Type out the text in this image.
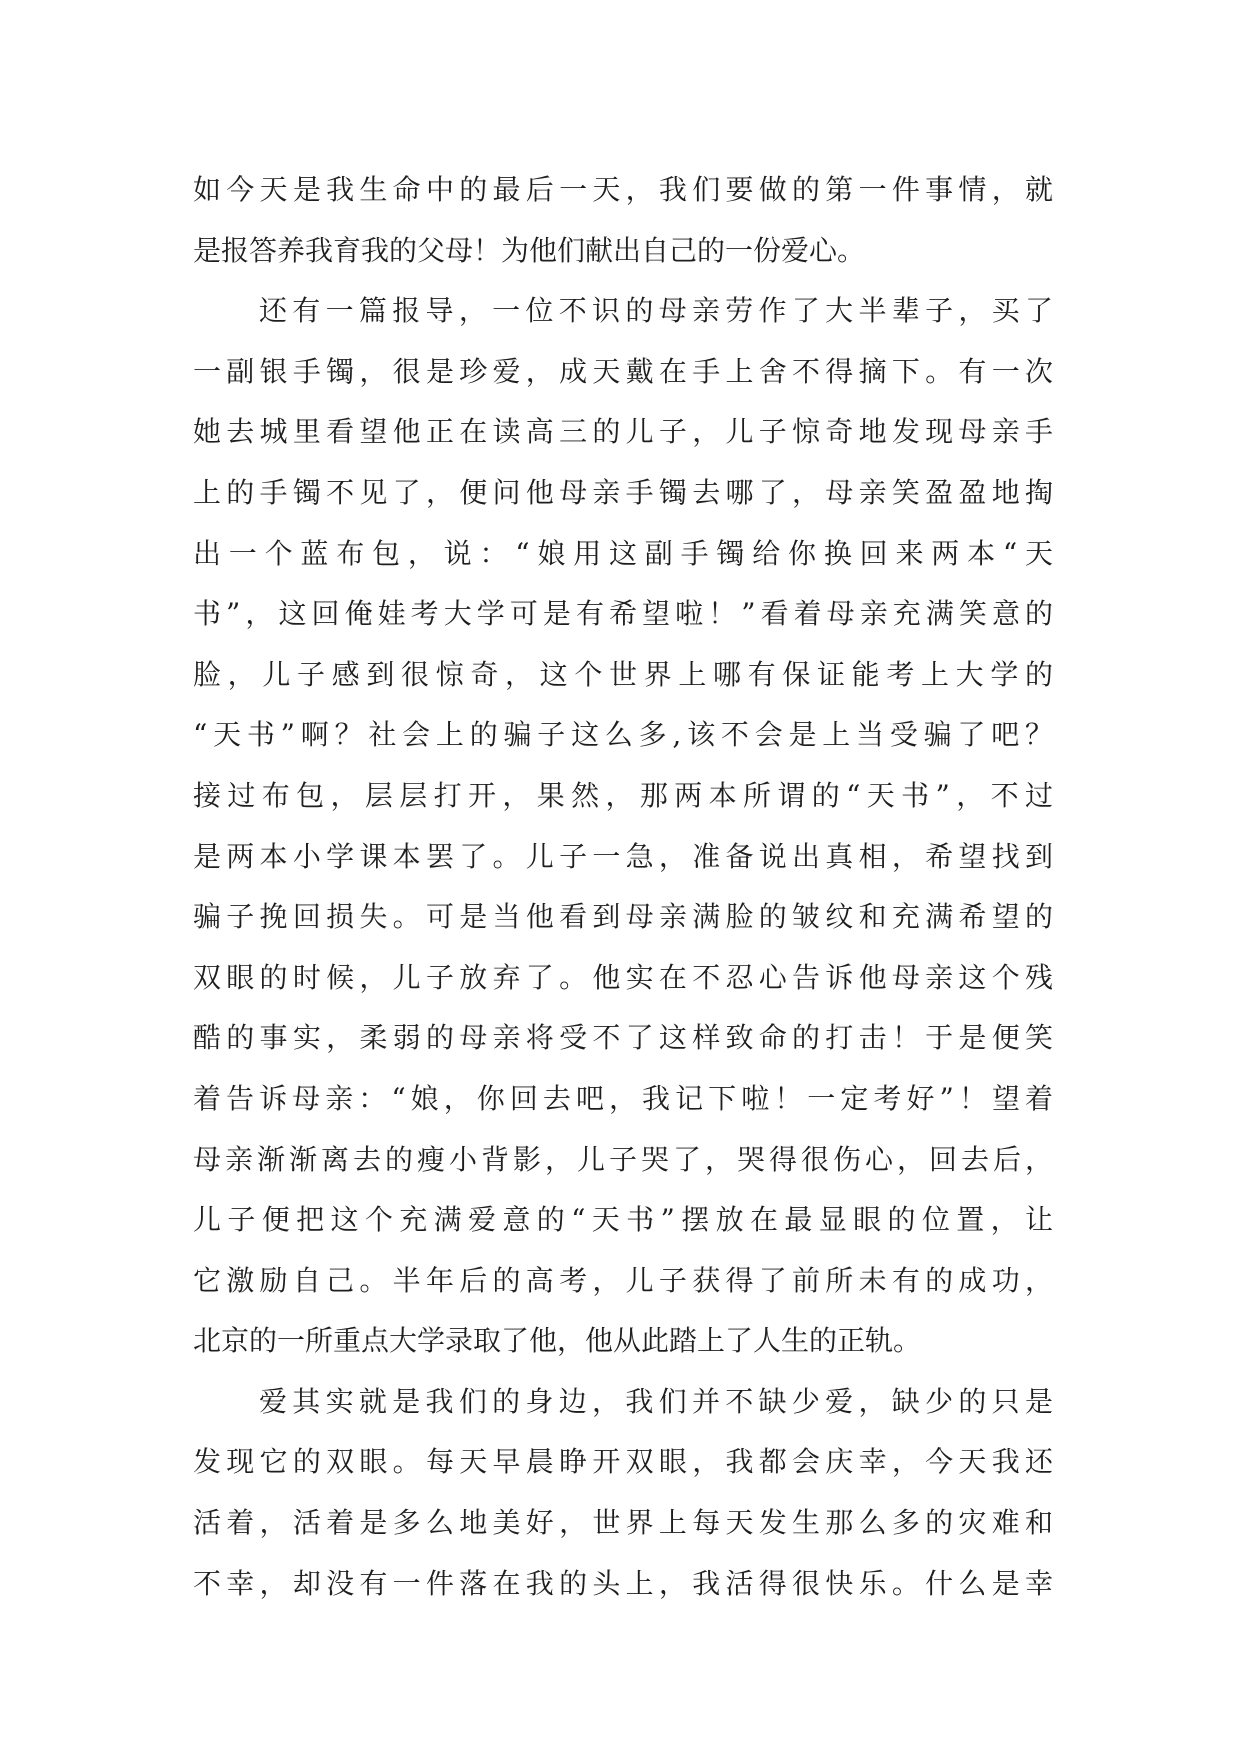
如今天是我生命中的最后一天，我们要做的第一件事情，就
是报答养我育我的父母！为他们献出自己的一份爱心。
还有一篇报导，一位不识的母亲劳作了大半辈子，买了
一副银手镯，很是珍爱，成天戴在手上舍不得摘下。有一次
她去城里看望他正在读高三的儿子，儿子惊奇地发现母亲手
上的手镯不见了，便问他母亲手镯去哪了，母亲笑盈盈地掏
出一个蓝布包，说：“娘用这副手镯给你换回来两本“天
书”，这回俺娃考大学可是有希望啦！”看着母亲充满笑意的
脸，儿子感到很惊奇，这个世界上哪有保证能考上大学的
“天书”啊？社会上的骗子这么多,该不会是上当受骗了吧？
接过布包，层层打开，果然，那两本所谓的“天书”，不过
是两本小学课本罢了。儿子一急，准备说出真相，希望找到
骗子挽回损失。可是当他看到母亲满脸的皱纹和充满希望的
双眼的时候，儿子放弃了。他实在不忍心告诉他母亲这个残
酷的事实，柔弱的母亲将受不了这样致命的打击！于是便笑
着告诉母亲：“娘，你回去吧，我记下啦！一定考好”！望着
母亲渐渐离去的瘦小背影，儿子哭了，哭得很伤心，回去后，
儿子便把这个充满爱意的“天书”摆放在最显眼的位置，让
它激励自己。半年后的高考，儿子获得了前所未有的成功，
北京的一所重点大学录取了他，他从此踏上了人生的正轨。
爱其实就是我们的身边，我们并不缺少爱，缺少的只是
发现它的双眼。每天早晨睁开双眼，我都会庆幸，今天我还
活着，活着是多么地美好，世界上每天发生那么多的灾难和
不幸，却没有一件落在我的头上，我活得很快乐。什么是幸
